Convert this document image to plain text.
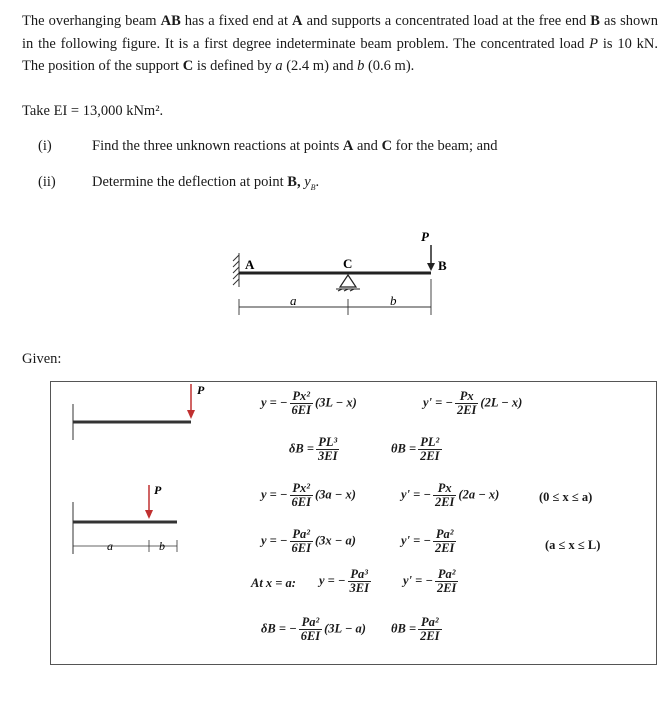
The overhanging beam AB has a fixed end at A and supports a concentrated load at the free end B as shown in the following figure. It is a first degree indeterminate beam problem. The concentrated load P is 10 kN. The position of the support C is defined by a (2.4 m) and b (0.6 m).
Take EI = 13,000 kNm².
(i)	Find the three unknown reactions at points A and C for the beam; and
(ii)	Determine the deflection at point B, $y_B$.
A	C	B
P
a	b
Given:
P
P
a	b
y = − $\frac{\text{Px²}}{6EI} (3L - x)$	y' = − $\frac{Px}{2EI} (2L - x)$
$\delta B = \frac{\text{PL³}}{3EI}$	$\theta B = \frac{\text{PL²}}{2EI}$
y = − $\frac{\text{Px²}}{6EI} (3a - x)$	y' = − $\frac{Px}{2EI} (2a - x)$	(0 ≤ x ≤ a)
y = − $\frac{\text{Pa²}}{6EI} (3x - a)$	y' = − $\frac{\text{Pa²}}{2EI}$	(a ≤ x ≤ L)
At x = a: y = − $\frac{\text{Pa³}}{3EI}$	y' = − $\frac{\text{Pa²}}{2EI}$
δB = − $\frac{\text{Pa²}}{6EI} (3L - a) \theta B = \frac{\text{Pa²}}{2EI}$
